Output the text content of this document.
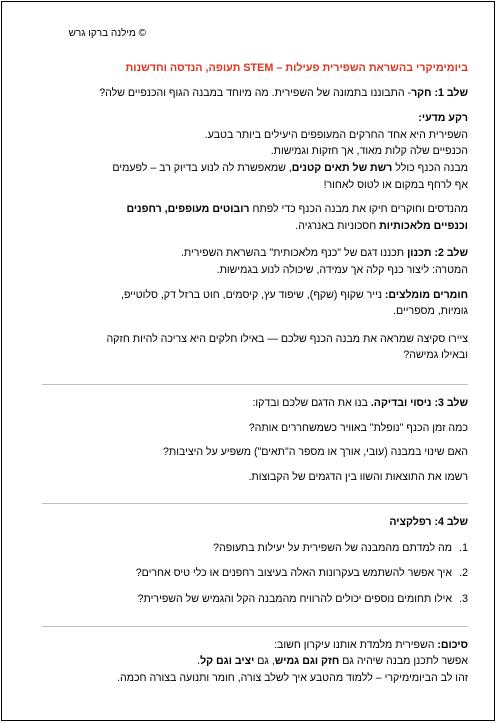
© מילנה ברקו גרש
ביומימיקרי בהשראת השפירית פעילות – STEM תעופה, הנדסה וחדשנות

שלב 1: חקר- התבוננו בתמונה של השפירית. מה מיוחד במבנה הגוף והכנפיים שלה?

רקע מדעי:

השפירית היא אחד החרקים המעופפים היעילים ביותר בטבע.

הכנפיים שלה קלות מאוד, אך חזקות וגמישות.

מבנה הכנף כולל רשת של תאים קטנים, שמאפשרת לה לנוע בדיוק רב – לפעמים

אף לרחף במקום או לטוס לאחור!

מהנדסים וחוקרים חיקו את מבנה הכנף כדי לפתח רובוטים מעופפים, רחפנים

וכנפיים מלאכותיות חסכוניות באנרגיה.

שלב 2: תכנון תכננו דגם של "כנף מלאכותית" בהשראת השפירית.

המטרה: ליצור כנף קלה אך עמידה, שיכולה לנוע בגמישות.

חומרים מומלצים: נייר שקוף (שקף), שיפוד עץ, קיסמים, חוט ברזל דק, סלוטייפ,

גומיות, מספריים.

ציירו סקיצה שמראה את מבנה הכנף שלכם — באילו חלקים היא צריכה להיות חזקה

ובאילו גמישה?

שלב 3: ניסוי ובדיקה. בנו את הדגם שלכם ובדקו:

כמה זמן הכנף "נופלת" באוויר כשמשחררים אותה?

האם שינוי במבנה (עובי, אורך או מספר ה"תאים") משפיע על היציבות?

רשמו את התוצאות והשוו בין הדגמים של הקבוצות.

שלב 4: רפלקציה

1.
מה למדתם מהמבנה של השפירית על יעילות בתעופה?
2.
איך אפשר להשתמש בעקרונות האלה בעיצוב רחפנים או כלי טיס אחרים?
3.
אילו תחומים נוספים יכולים להרוויח מהמבנה הקל והגמיש של השפירית?

סיכום: השפירית מלמדת אותנו עיקרון חשוב:

אפשר לתכנן מבנה שיהיה גם חזק וגם גמיש, גם יציב וגם קל.

זהו לב הביומימיקרי – ללמוד מהטבע איך לשלב צורה, חומר ותנועה בצורה חכמה.
